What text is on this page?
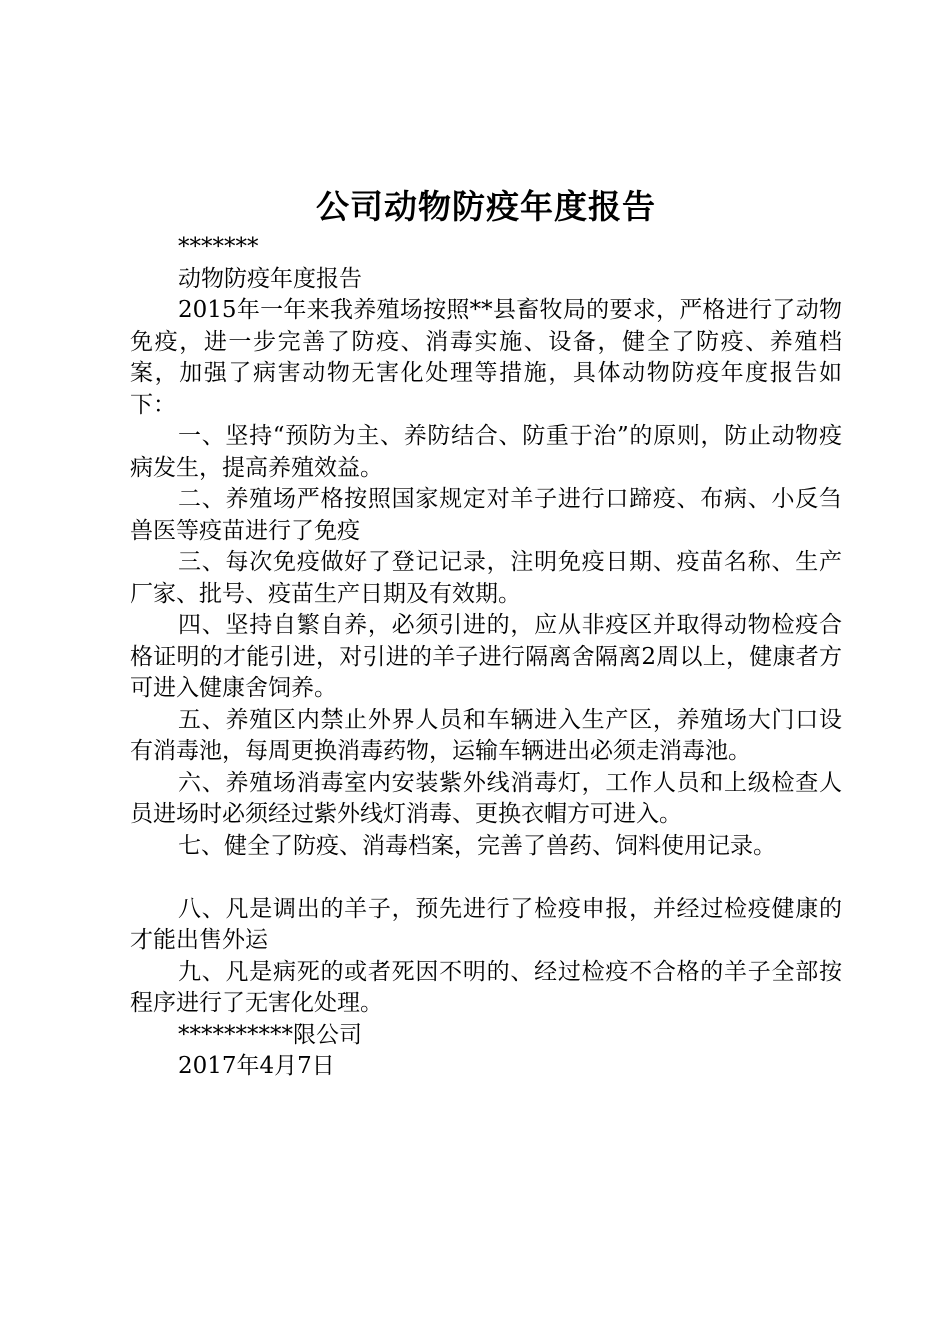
公司动物防疫年度报告

*******

动物防疫年度报告

2015年一年来我养殖场按照**县畜牧局的要求，严格进行了动物免疫，进一步完善了防疫、消毒实施、设备，健全了防疫、养殖档案，加强了病害动物无害化处理等措施，具体动物防疫年度报告如下：

一、坚持“预防为主、养防结合、防重于治”的原则，防止动物疫病发生，提高养殖效益。

二、养殖场严格按照国家规定对羊子进行口蹄疫、布病、小反刍兽医等疫苗进行了免疫

三、每次免疫做好了登记记录，注明免疫日期、疫苗名称、生产厂家、批号、疫苗生产日期及有效期。

四、坚持自繁自养，必须引进的，应从非疫区并取得动物检疫合格证明的才能引进，对引进的羊子进行隔离舍隔离2周以上，健康者方可进入健康舍饲养。

五、养殖区内禁止外界人员和车辆进入生产区，养殖场大门口设有消毒池，每周更换消毒药物，运输车辆进出必须走消毒池。

六、养殖场消毒室内安装紫外线消毒灯，工作人员和上级检查人员进场时必须经过紫外线灯消毒、更换衣帽方可进入。

七、健全了防疫、消毒档案，完善了兽药、饲料使用记录。

八、凡是调出的羊子，预先进行了检疫申报，并经过检疫健康的才能出售外运

九、凡是病死的或者死因不明的、经过检疫不合格的羊子全部按程序进行了无害化处理。

**********限公司

2017年4月7日
